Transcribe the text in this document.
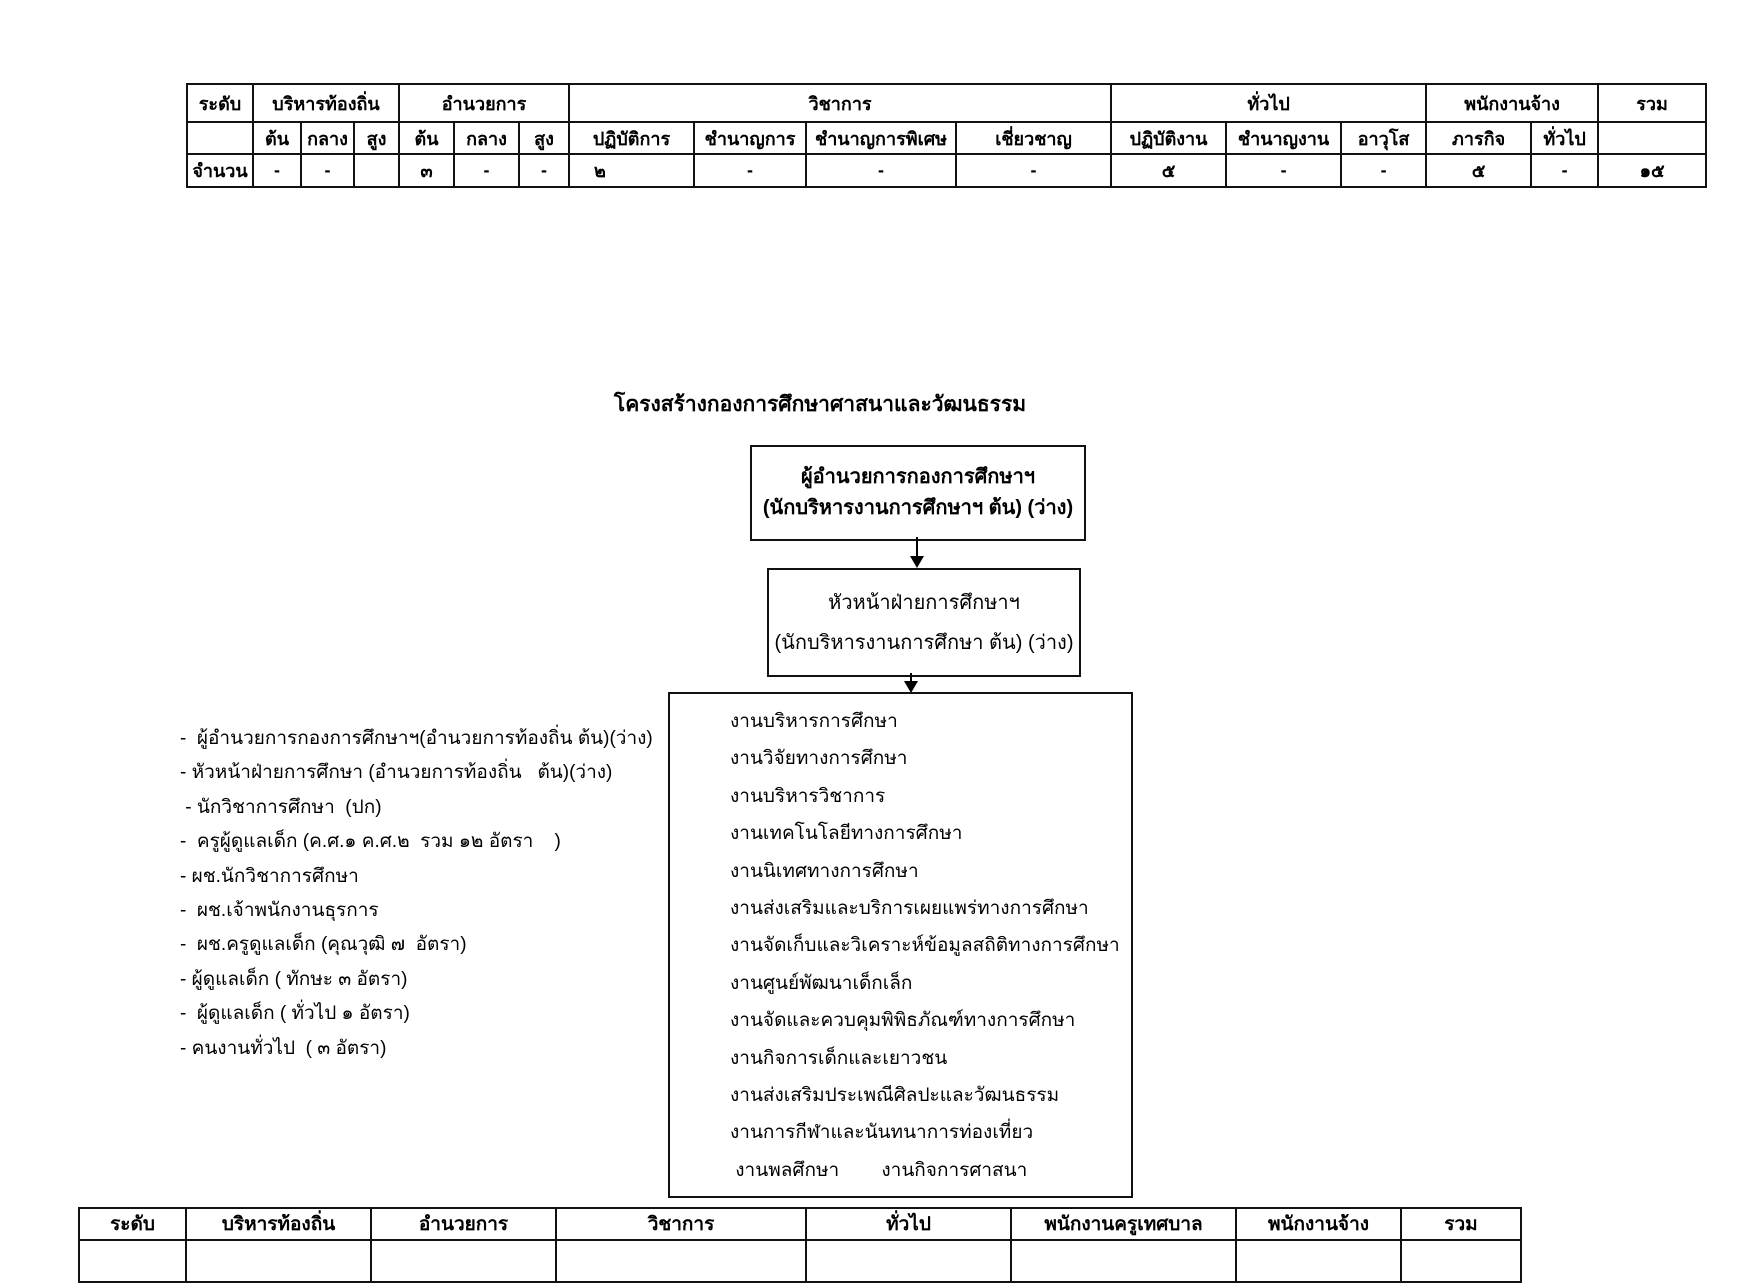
ระดับ	บริหารท้องถิ่น			อำนวยการ			วิชาการ				ทั่วไป			พนักงานจ้าง		รวม
	ต้น	กลาง	สูง	ต้น	กลาง	สูง	ปฏิบัติการ	ชำนาญการ	ชำนาญการพิเศษ	เชี่ยวชาญ	ปฏิบัติงาน	ชำนาญงาน	อาวุโส	ภารกิจ	ทั่วไป	
จำนวน	-	-		๓	-	-	๒	-	-	-	๕	-	-	๕	-	๑๕
โครงสร้างกองการศึกษาศาสนาและวัฒนธรรม
ผู้อำนวยการกองการศึกษาฯ
(นักบริหารงานการศึกษาฯ ต้น) (ว่าง)
หัวหน้าฝ่ายการศึกษาฯ
(นักบริหารงานการศึกษา ต้น) (ว่าง)
งานบริหารการศึกษา
งานวิจัยทางการศึกษา
งานบริหารวิชาการ
งานเทคโนโลยีทางการศึกษา
งานนิเทศทางการศึกษา
งานส่งเสริมและบริการเผยแพร่ทางการศึกษา
งานจัดเก็บและวิเคราะห์ข้อมูลสถิติทางการศึกษา
งานศูนย์พัฒนาเด็กเล็ก
งานจัดและควบคุมพิพิธภัณฑ์ทางการศึกษา
งานกิจการเด็กและเยาวชน
งานส่งเสริมประเพณีศิลปะและวัฒนธรรม
งานการกีฬาและนันทนาการท่องเที่ยว
งานพลศึกษา        งานกิจการศาสนา
-  ผู้อำนวยการกองการศึกษาฯ(อำนวยการท้องถิ่น ต้น)(ว่าง)
- หัวหน้าฝ่ายการศึกษา (อำนวยการท้องถิ่น   ต้น)(ว่าง)
- นักวิชาการศึกษา  (ปก)
-  ครูผู้ดูแลเด็ก (ค.ศ.๑ ค.ศ.๒  รวม ๑๒ อัตรา    )
- ผช.นักวิชาการศึกษา
-  ผช.เจ้าพนักงานธุรการ
-  ผช.ครูดูแลเด็ก (คุณวุฒิ ๗  อัตรา)
- ผู้ดูแลเด็ก ( ทักษะ ๓ อัตรา)
-  ผู้ดูแลเด็ก ( ทั่วไป ๑ อัตรา)
- คนงานทั่วไป  ( ๓ อัตรา)
ระดับ	บริหารท้องถิ่น	อำนวยการ	วิชาการ	ทั่วไป	พนักงานครูเทศบาล	พนักงานจ้าง	รวม
